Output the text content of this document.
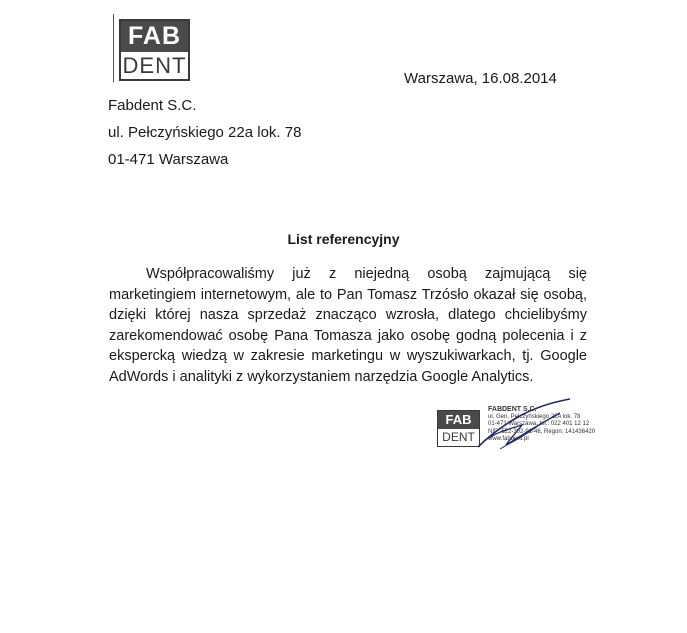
FAB
DENT
Warszawa, 16.08.2014
Fabdent S.C.
ul. Pełczyńskiego 22a lok. 78
01-471 Warszawa
List referencyjny
Współpracowaliśmy już z niejedną osobą zajmującą się marketingiem internetowym, ale to Pan Tomasz Trzósło okazał się osobą, dzięki której nasza sprzedaż znacząco wzrosła, dlatego chcielibyśmy zarekomendować osobę Pana Tomasza jako osobę godną polecenia i z ekspercką wiedzą w zakresie marketingu w wyszukiwarkach, tj. Google AdWords i analityki z wykorzystaniem narzędzia Google Analytics.
FAB
DENT
FABDENT S.C.
ul. Gen. Pełczyńskiego 22A lok. 78
01-471 Warszawa, tel.: 022 401 12 12
NIP: 522-302-91-46, Regon: 141436420
www.fabdent.pl
